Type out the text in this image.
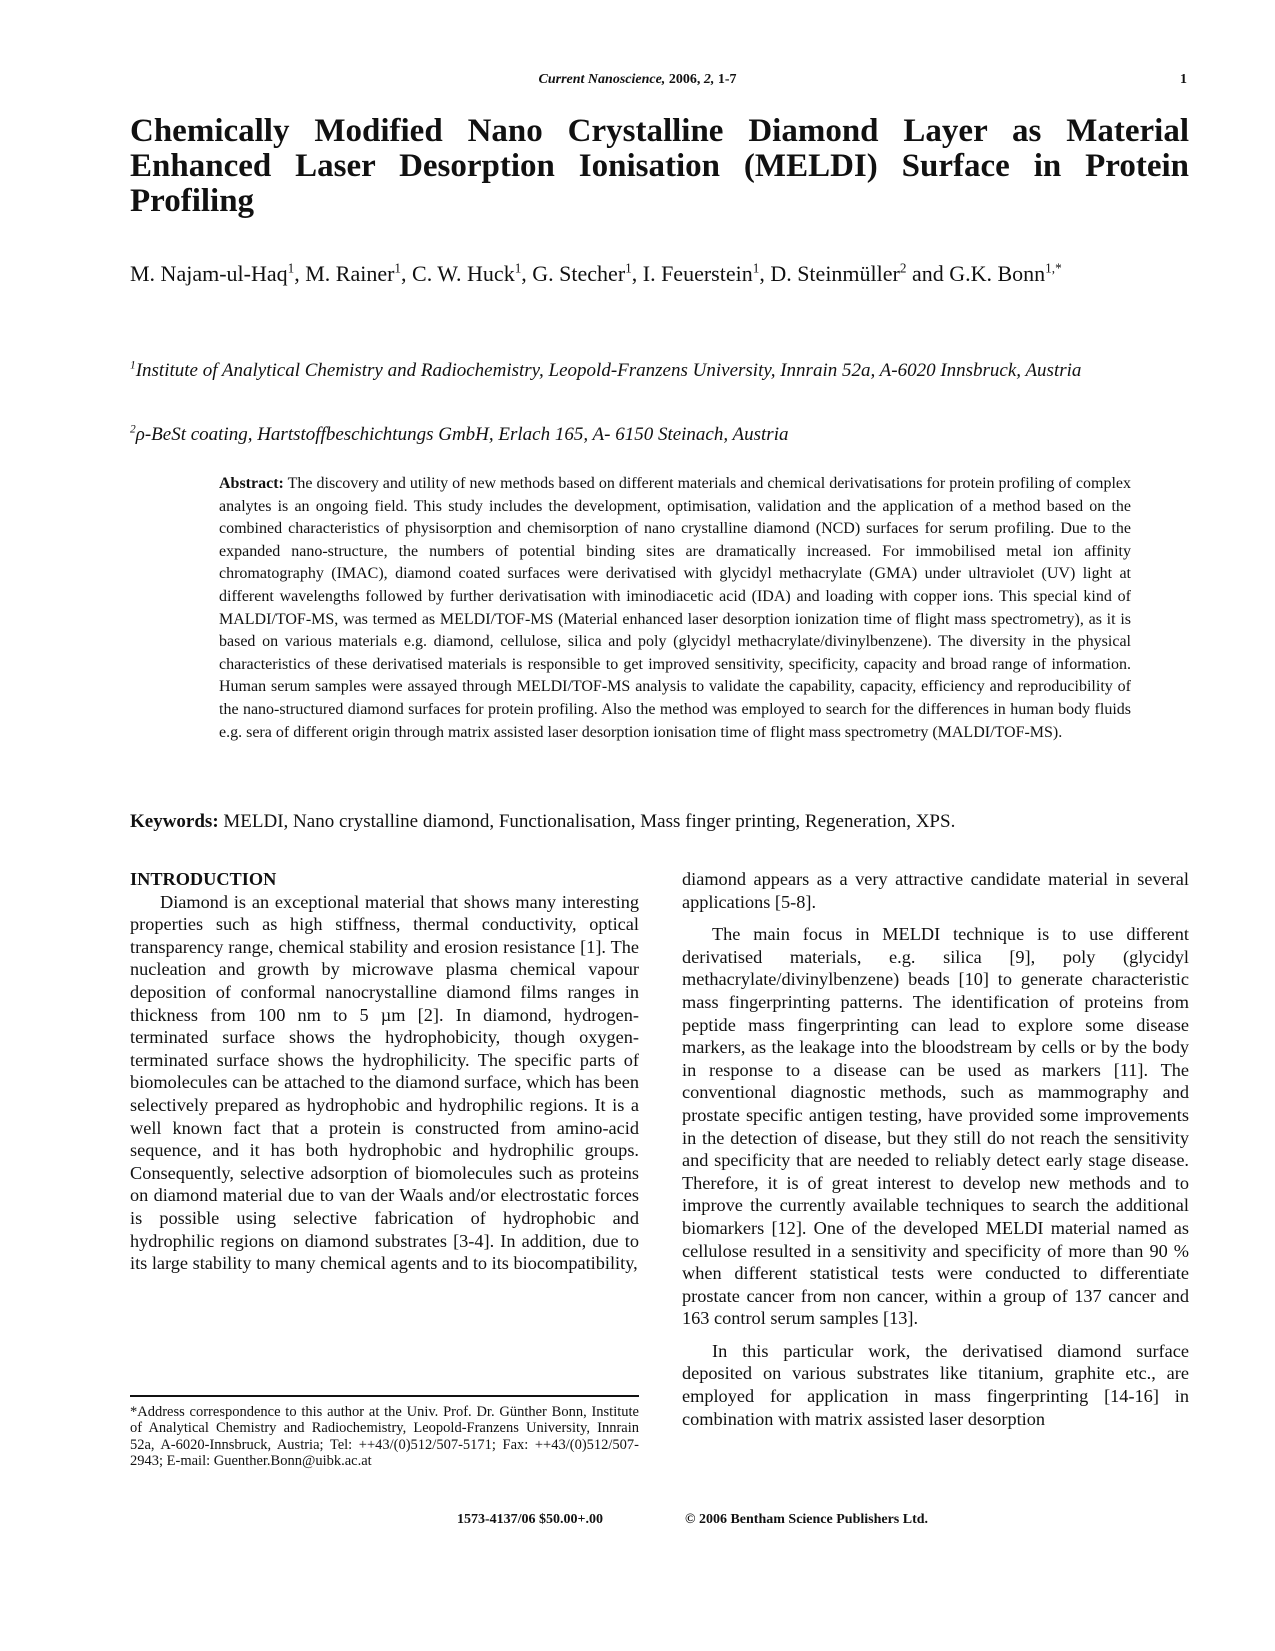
Current Nanoscience, 2006, 2, 1-7	1
Chemically Modified Nano Crystalline Diamond Layer as Material Enhanced Laser Desorption Ionisation (MELDI) Surface in Protein Profiling

M. Najam-ul-Haq$^1$, M. Rainer$^1$, C. W. Huck$^1$, G. Stecher$^1$, I. Feuerstein$^1$, D. Steinmüller$^2$ and G.K. Bonn$^{1,*}$

$^1$Institute of Analytical Chemistry and Radiochemistry, Leopold-Franzens University, Innrain 52a, A-6020 Innsbruck, Austria

$^2$ρ-BeSt coating, Hartstoffbeschichtungs GmbH, Erlach 165, A- 6150 Steinach, Austria

Abstract: The discovery and utility of new methods based on different materials and chemical derivatisations for protein profiling of complex analytes is an ongoing field. This study includes the development, optimisation, validation and the application of a method based on the combined characteristics of physisorption and chemisorption of nano crystalline diamond (NCD) surfaces for serum profiling. Due to the expanded nano-structure, the numbers of potential binding sites are dramatically increased. For immobilised metal ion affinity chromatography (IMAC), diamond coated surfaces were derivatised with glycidyl methacrylate (GMA) under ultraviolet (UV) light at different wavelengths followed by further derivatisation with iminodiacetic acid (IDA) and loading with copper ions. This special kind of MALDI/TOF-MS, was termed as MELDI/TOF-MS (Material enhanced laser desorption ionization time of flight mass spectrometry), as it is based on various materials e.g. diamond, cellulose, silica and poly (glycidyl methacrylate/divinylbenzene). The diversity in the physical characteristics of these derivatised materials is responsible to get improved sensitivity, specificity, capacity and broad range of information. Human serum samples were assayed through MELDI/TOF-MS analysis to validate the capability, capacity, efficiency and reproducibility of the nano-structured diamond surfaces for protein profiling. Also the method was employed to search for the differences in human body fluids e.g. sera of different origin through matrix assisted laser desorption ionisation time of flight mass spectrometry (MALDI/TOF-MS).

Keywords: MELDI, Nano crystalline diamond, Functionalisation, Mass finger printing, Regeneration, XPS.

INTRODUCTION

Diamond is an exceptional material that shows many interesting properties such as high stiffness, thermal conductivity, optical transparency range, chemical stability and erosion resistance [1]. The nucleation and growth by microwave plasma chemical vapour deposition of conformal nanocrystalline diamond films ranges in thickness from 100 nm to 5 µm [2]. In diamond, hydrogen-terminated surface shows the hydrophobicity, though oxygen-terminated surface shows the hydrophilicity. The specific parts of biomolecules can be attached to the diamond surface, which has been selectively prepared as hydrophobic and hydrophilic regions. It is a well known fact that a protein is constructed from amino-acid sequence, and it has both hydrophobic and hydrophilic groups. Consequently, selective adsorption of biomolecules such as proteins on diamond material due to van der Waals and/or electrostatic forces is possible using selective fabrication of hydrophobic and hydrophilic regions on diamond substrates [3-4]. In addition, due to its large stability to many chemical agents and to its biocompatibility,

diamond appears as a very attractive candidate material in several applications [5-8].

The main focus in MELDI technique is to use different derivatised materials, e.g. silica [9], poly (glycidyl methacrylate/divinylbenzene) beads [10] to generate characteristic mass fingerprinting patterns. The identification of proteins from peptide mass fingerprinting can lead to explore some disease markers, as the leakage into the bloodstream by cells or by the body in response to a disease can be used as markers [11]. The conventional diagnostic methods, such as mammography and prostate specific antigen testing, have provided some improvements in the detection of disease, but they still do not reach the sensitivity and specificity that are needed to reliably detect early stage disease. Therefore, it is of great interest to develop new methods and to improve the currently available techniques to search the additional biomarkers [12]. One of the developed MELDI material named as cellulose resulted in a sensitivity and specificity of more than 90 % when different statistical tests were conducted to differentiate prostate cancer from non cancer, within a group of 137 cancer and 163 control serum samples [13].

In this particular work, the derivatised diamond surface deposited on various substrates like titanium, graphite etc., are employed for application in mass fingerprinting [14-16] in combination with matrix assisted laser desorption

*Address correspondence to this author at the Univ. Prof. Dr. Günther Bonn, Institute of Analytical Chemistry and Radiochemistry, Leopold-Franzens University, Innrain 52a, A-6020-Innsbruck, Austria; Tel: ++43/(0)512/507-5171; Fax: ++43/(0)512/507-2943; E-mail: Guenther.Bonn@uibk.ac.at

1573-4137/06 $50.00+.00	© 2006 Bentham Science Publishers Ltd.
